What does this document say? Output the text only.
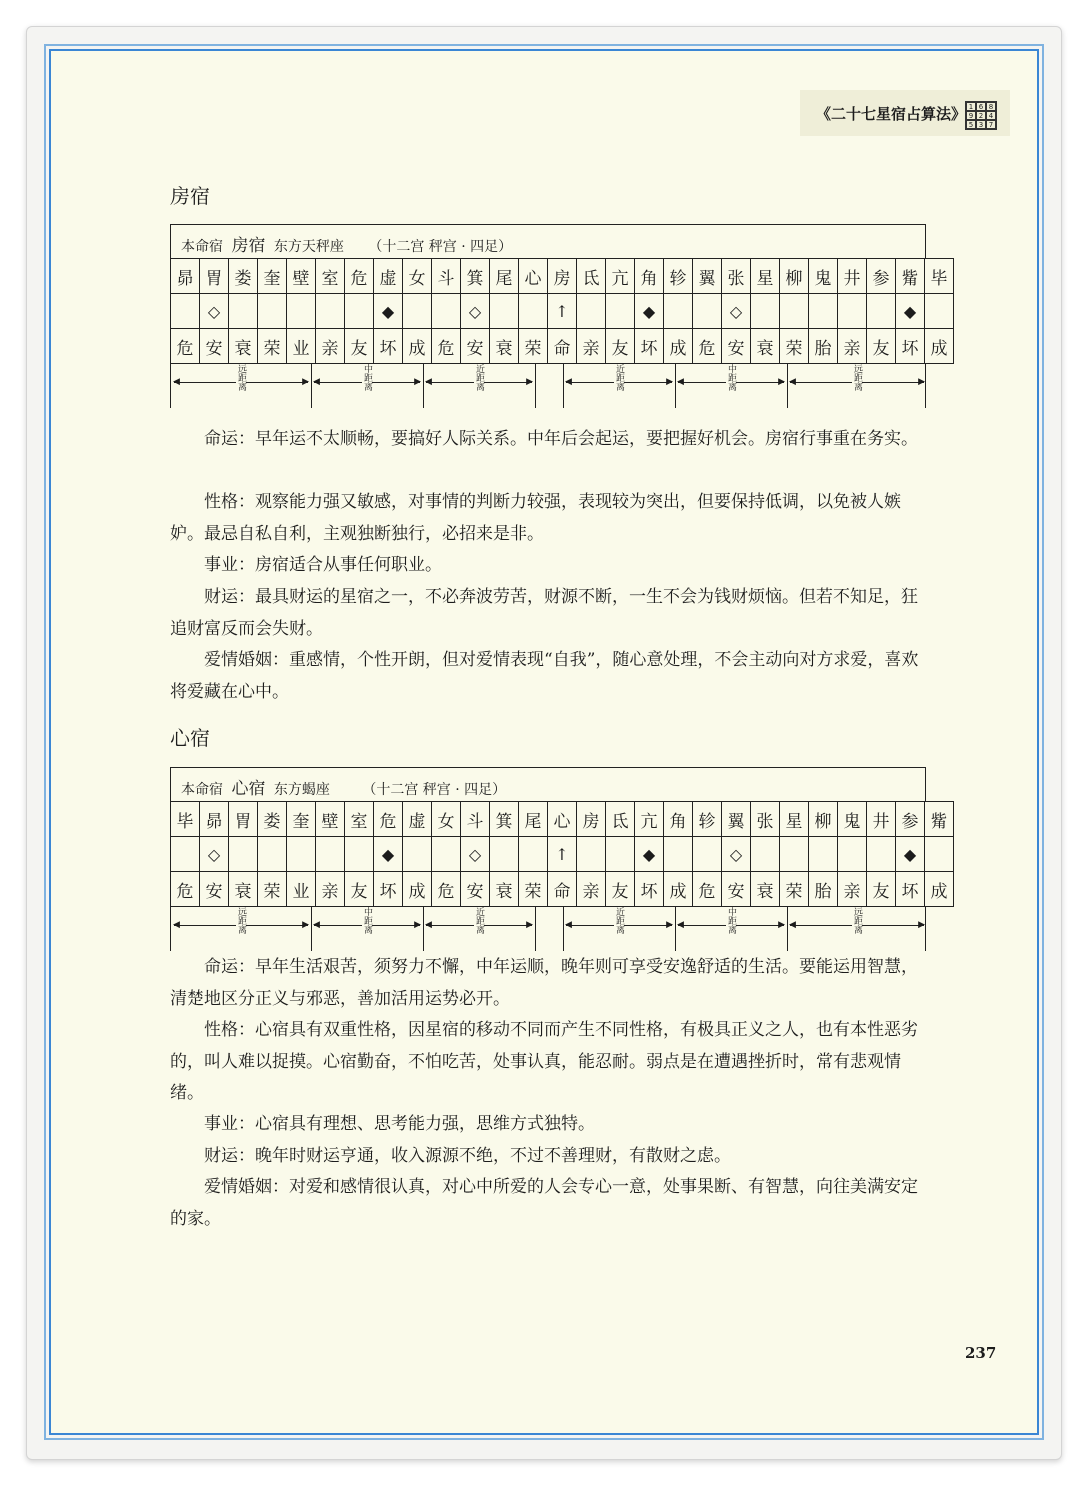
《二十七星宿占算法》 1 6 8
9 2 4
5 3 7
房宿
本命宿 房宿 东方天秤座 （十二宫 秤宫 · 四足）
昴	胃	娄	奎	壁	室	危	虚	女	斗	箕	尾	心	房	氐	亢	角	轸	翼	张	星	柳	鬼	井	参	觜	毕
	◇						◆			◇			↑			◆			◇						◆	
危	安	衰	荣	业	亲	友	坏	成	危	安	衰	荣	命	亲	友	坏	成	危	安	衰	荣	胎	亲	友	坏	成
◀	▶
远距离	◀	▶
中距离	◀	▶
近距离	◀	▶
近距离	◀	▶
中距离	◀	▶
远距离

命运：早年运不太顺畅，要搞好人际关系。中年后会起运，要把握好机会。房宿行事重在务实。

性格：观察能力强又敏感，对事情的判断力较强，表现较为突出，但要保持低调，以免被人嫉妒。最忌自私自利，主观独断独行，必招来是非。

事业：房宿适合从事任何职业。

财运：最具财运的星宿之一，不必奔波劳苦，财源不断，一生不会为钱财烦恼。但若不知足，狂追财富反而会失财。

爱情婚姻：重感情，个性开朗，但对爱情表现“自我”，随心意处理，不会主动向对方求爱，喜欢将爱藏在心中。

心宿
本命宿 心宿 东方蝎座 （十二宫 秤宫 · 四足）
毕	昴	胃	娄	奎	壁	室	危	虚	女	斗	箕	尾	心	房	氐	亢	角	轸	翼	张	星	柳	鬼	井	参	觜
	◇						◆			◇			↑			◆			◇						◆	
危	安	衰	荣	业	亲	友	坏	成	危	安	衰	荣	命	亲	友	坏	成	危	安	衰	荣	胎	亲	友	坏	成
◀	▶
远距离	◀	▶
中距离	◀	▶
近距离	◀	▶
近距离	◀	▶
中距离	◀	▶
远距离

命运：早年生活艰苦，须努力不懈，中年运顺，晚年则可享受安逸舒适的生活。要能运用智慧，清楚地区分正义与邪恶，善加活用运势必开。

性格：心宿具有双重性格，因星宿的移动不同而产生不同性格，有极具正义之人，也有本性恶劣的，叫人难以捉摸。心宿勤奋，不怕吃苦，处事认真，能忍耐。弱点是在遭遇挫折时，常有悲观情绪。

事业：心宿具有理想、思考能力强，思维方式独特。

财运：晚年时财运亨通，收入源源不绝，不过不善理财，有散财之虑。

爱情婚姻：对爱和感情很认真，对心中所爱的人会专心一意，处事果断、有智慧，向往美满安定的家。

237
